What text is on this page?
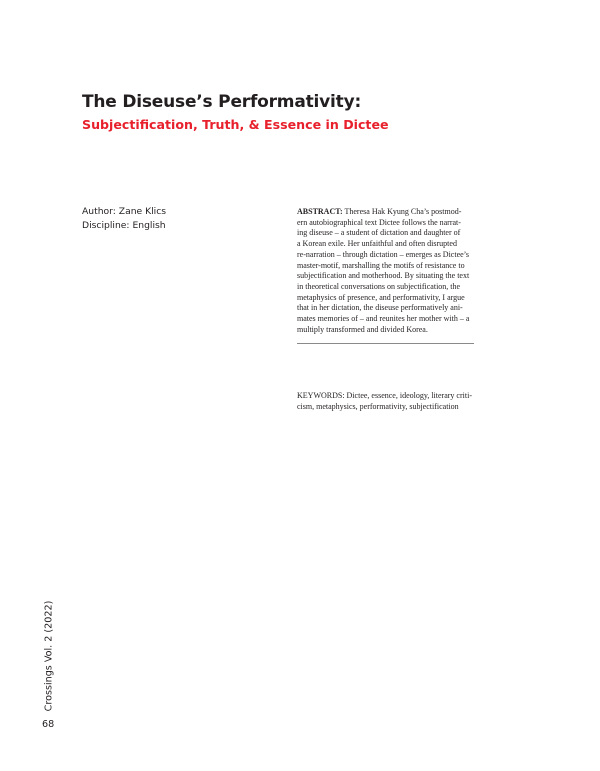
The Diseuse’s Performativity:
Subjectification, Truth, & Essence in Dictee
Author: Zane Klics
Discipline: English
ABSTRACT: Theresa Hak Kyung Cha’s postmod-
ern autobiographical text Dictee follows the narrat-
ing diseuse – a student of dictation and daughter of
a Korean exile. Her unfaithful and often disrupted
re-narration – through dictation – emerges as Dictee’s
master-motif, marshalling the motifs of resistance to
subjectification and motherhood. By situating the text
in theoretical conversations on subjectification, the
metaphysics of presence, and performativity, I argue
that in her dictation, the diseuse performatively ani-
mates memories of – and reunites her mother with – a
multiply transformed and divided Korea.
KEYWORDS: Dictee, essence, ideology, literary criti-
cism, metaphysics, performativity, subjectification
Crossings Vol. 2 (2022)
68
